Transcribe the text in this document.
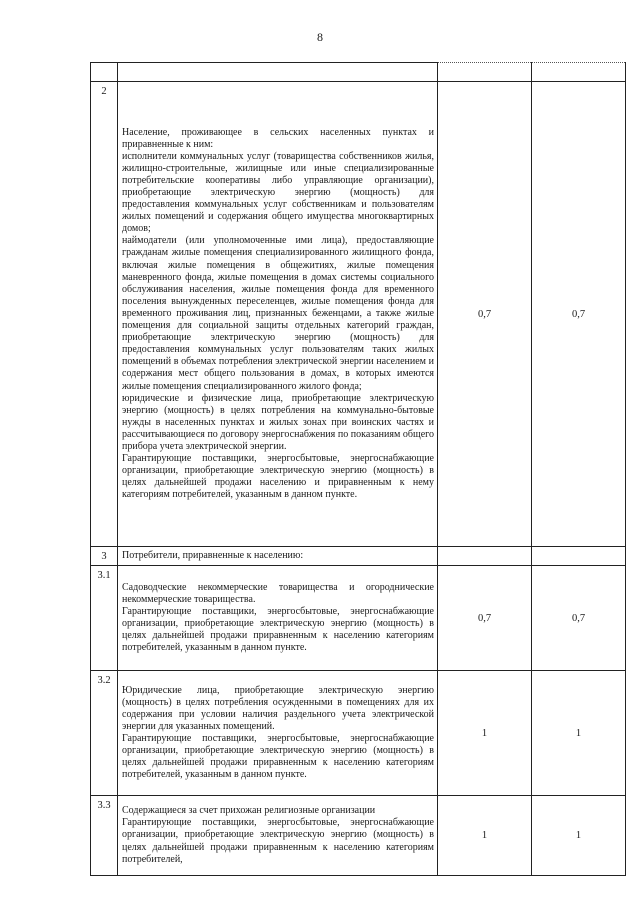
8

2	Население, проживающее в сельских населенных пунктах и приравненные к ним:
исполнители коммунальных услуг (товарищества собственников жилья, жилищно-строительные, жилищные или иные специализированные потребительские кооперативы либо управляющие организации), приобретающие электрическую энергию (мощность) для предоставления коммунальных услуг собственникам и пользователям жилых помещений и содержания общего имущества многоквартирных домов;
наймодатели (или уполномоченные ими лица), предоставляющие гражданам жилые помещения специализированного жилищного фонда, включая жилые помещения в общежитиях, жилые помещения маневренного фонда, жилые помещения в домах системы социального обслуживания населения, жилые помещения фонда для временного поселения вынужденных переселенцев, жилые помещения фонда для временного проживания лиц, признанных беженцами, а также жилые помещения для социальной защиты отдельных категорий граждан, приобретающие электрическую энергию (мощность) для предоставления коммунальных услуг пользователям таких жилых помещений в объемах потребления электрической энергии населением и содержания мест общего пользования в домах, в которых имеются жилые помещения специализированного жилого фонда;
юридические и физические лица, приобретающие электрическую энергию (мощность) в целях потребления на коммунально-бытовые нужды в населенных пунктах и жилых зонах при воинских частях и рассчитывающиеся по договору энергоснабжения по показаниям общего прибора учета электрической энергии.
Гарантирующие поставщики, энергосбытовые, энергоснабжающие организации, приобретающие электрическую энергию (мощность) в целях дальнейшей продажи населению и приравненным к нему категориям потребителей, указанным в данном пункте.	0,7	0,7
3	Потребители, приравненные к населению:		

3.1	Садоводческие некоммерческие товарищества и огороднические некоммерческие товарищества.
Гарантирующие поставщики, энергосбытовые, энергоснабжающие организации, приобретающие электрическую энергию (мощность) в целях дальнейшей продажи приравненным к населению категориям потребителей, указанным в данном пункте.	0,7	0,7
3.2	Юридические лица, приобретающие электрическую энергию (мощность) в целях потребления осужденными в помещениях для их содержания при условии наличия раздельного учета электрической энергии для указанных помещений.
Гарантирующие поставщики, энергосбытовые, энергоснабжающие организации, приобретающие электрическую энергию (мощность) в целях дальнейшей продажи приравненным к населению категориям потребителей, указанным в данном пункте.	1	1
3.3	Содержащиеся за счет прихожан религиозные организации
Гарантирующие поставщики, энергосбытовые, энергоснабжающие организации, приобретающие электрическую энергию (мощность) в целях дальнейшей продажи приравненным к населению категориям потребителей,	1	1
